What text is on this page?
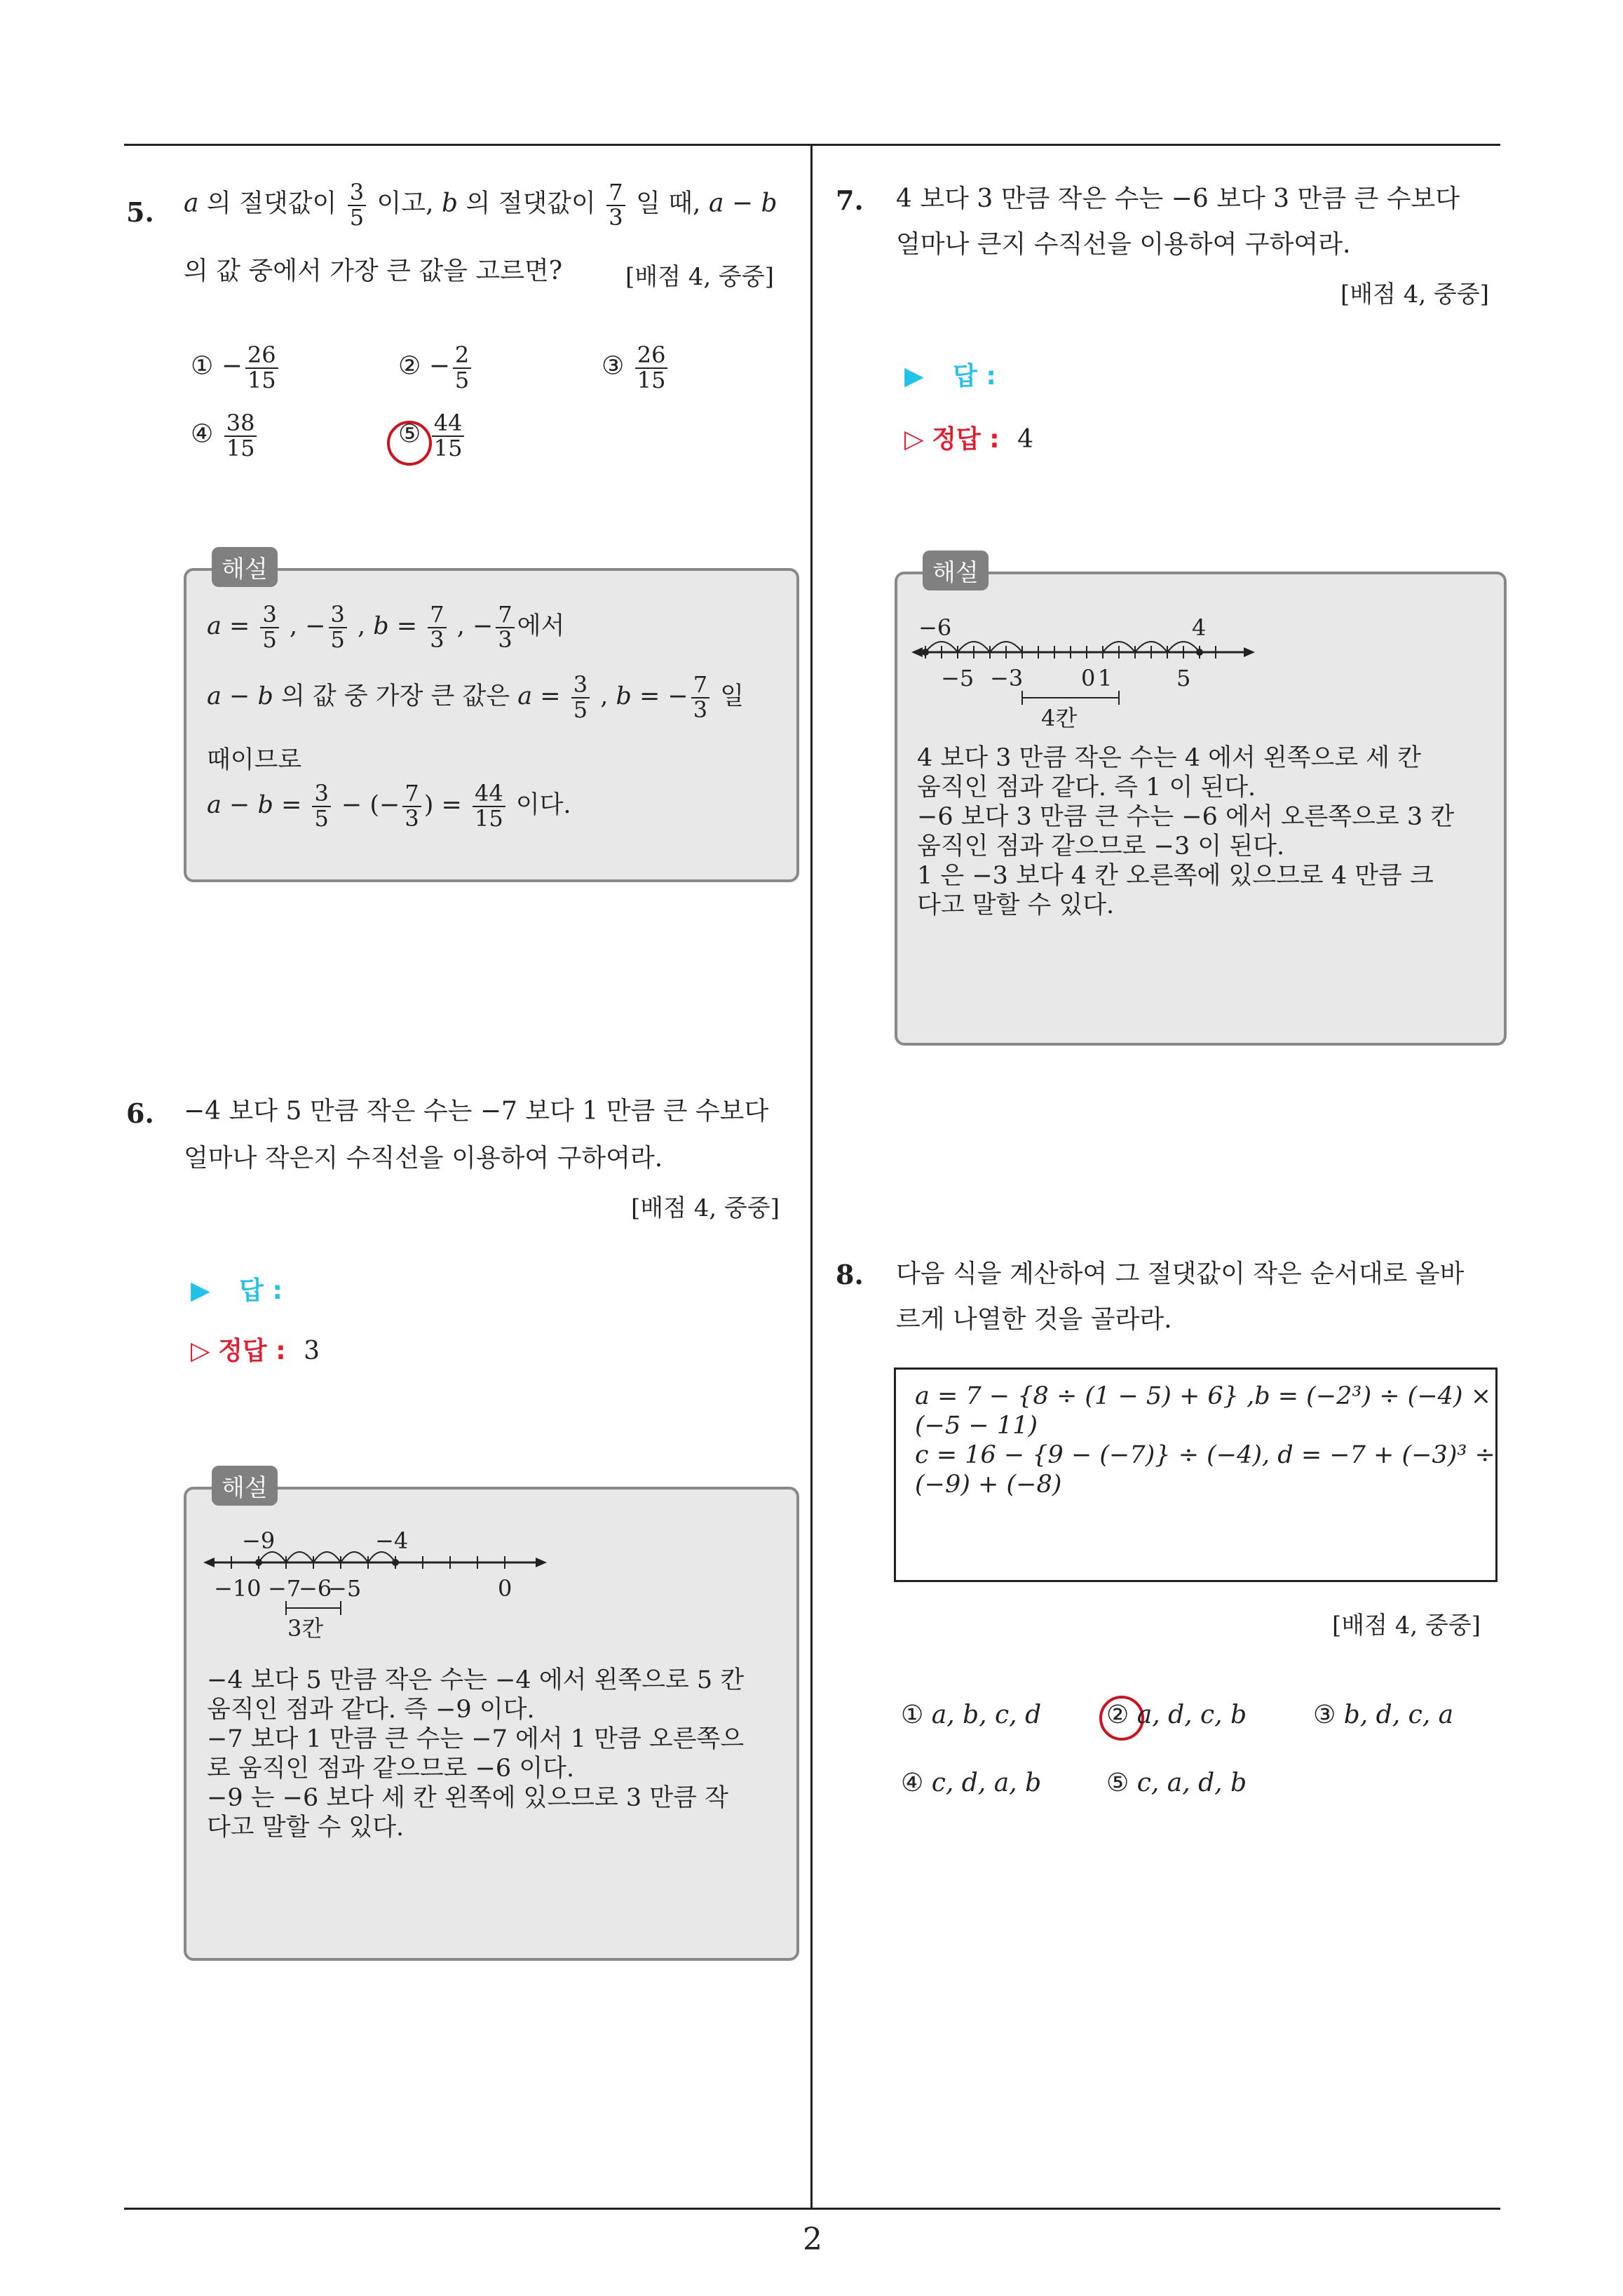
2
5. a 의 절댓값이 $\frac{3}{5}$ 이고, b 의 절댓값이 $\frac{7}{3}$ 일 때, a − b
의 값 중에서 가장 큰 값을 고르면?	[배점 4, 중중]
① − $\frac{26}{15}$	② − $\frac{2}{5}$	③ $\frac{26}{15}$
④ $\frac{38}{15}$	⑤ $\frac{44}{15}$
해설
$a = \frac{3}{5}$ , − $\frac{3}{5}$ , $b = \frac{7}{3}$ , − $\frac{7}{3}$ 에서
a − b 의 값 중 가장 큰 값은 $a = \frac{3}{5}$ , b = − $\frac{7}{3}$ 일
때이므로
$a - b = \frac{3}{5}$ − (− $\frac{7}{3}$ ) = $\frac{44}{15}$ 이다.
6. −4 보다 5 만큼 작은 수는 −7 보다 1 만큼 큰 수보다
얼마나 작은지 수직선을 이용하여 구하여라.
[배점 4, 중중]
▶ 답 :
▷ 정답 : 3
해설
−9	−4
−10 −7
−6
−5	0
3칸
−4 보다 5 만큼 작은 수는 −4 에서 왼쪽으로 5 칸
움직인 점과 같다. 즉 −9 이다.
−7 보다 1 만큼 큰 수는 −7 에서 1 만큼 오른쪽으
로 움직인 점과 같으므로 −6 이다.
−9 는 −6 보다 세 칸 왼쪽에 있으므로 3 만큼 작
다고 말할 수 있다.
7. 4 보다 3 만큼 작은 수는 −6 보다 3 만큼 큰 수보다
얼마나 큰지 수직선을 이용하여 구하여라.
[배점 4, 중중]
▶ 답 :
▷ 정답 : 4
해설
−6	4
−5 −3	0 1	5
4칸
4 보다 3 만큼 작은 수는 4 에서 왼쪽으로 세 칸
움직인 점과 같다. 즉 1 이 된다.
−6 보다 3 만큼 큰 수는 −6 에서 오른쪽으로 3 칸
움직인 점과 같으므로 −3 이 된다.
1 은 −3 보다 4 칸 오른쪽에 있으므로 4 만큼 크
다고 말할 수 있다.
8. 다음 식을 계산하여 그 절댓값이 작은 순서대로 올바
르게 나열한 것을 골라라.
a = 7 − {8 ÷ (1 − 5) + 6} ,b = (−2³) ÷ (−4) ×
(−5 − 11)
c = 16 − {9 − (−7)} ÷ (−4), d = −7 + (−3)³ ÷
(−9) + (−8)
[배점 4, 중중]
① a, b, c, d	② a, d, c, b	③ b, d, c, a
④ c, d, a, b	⑤ c, a, d, b
